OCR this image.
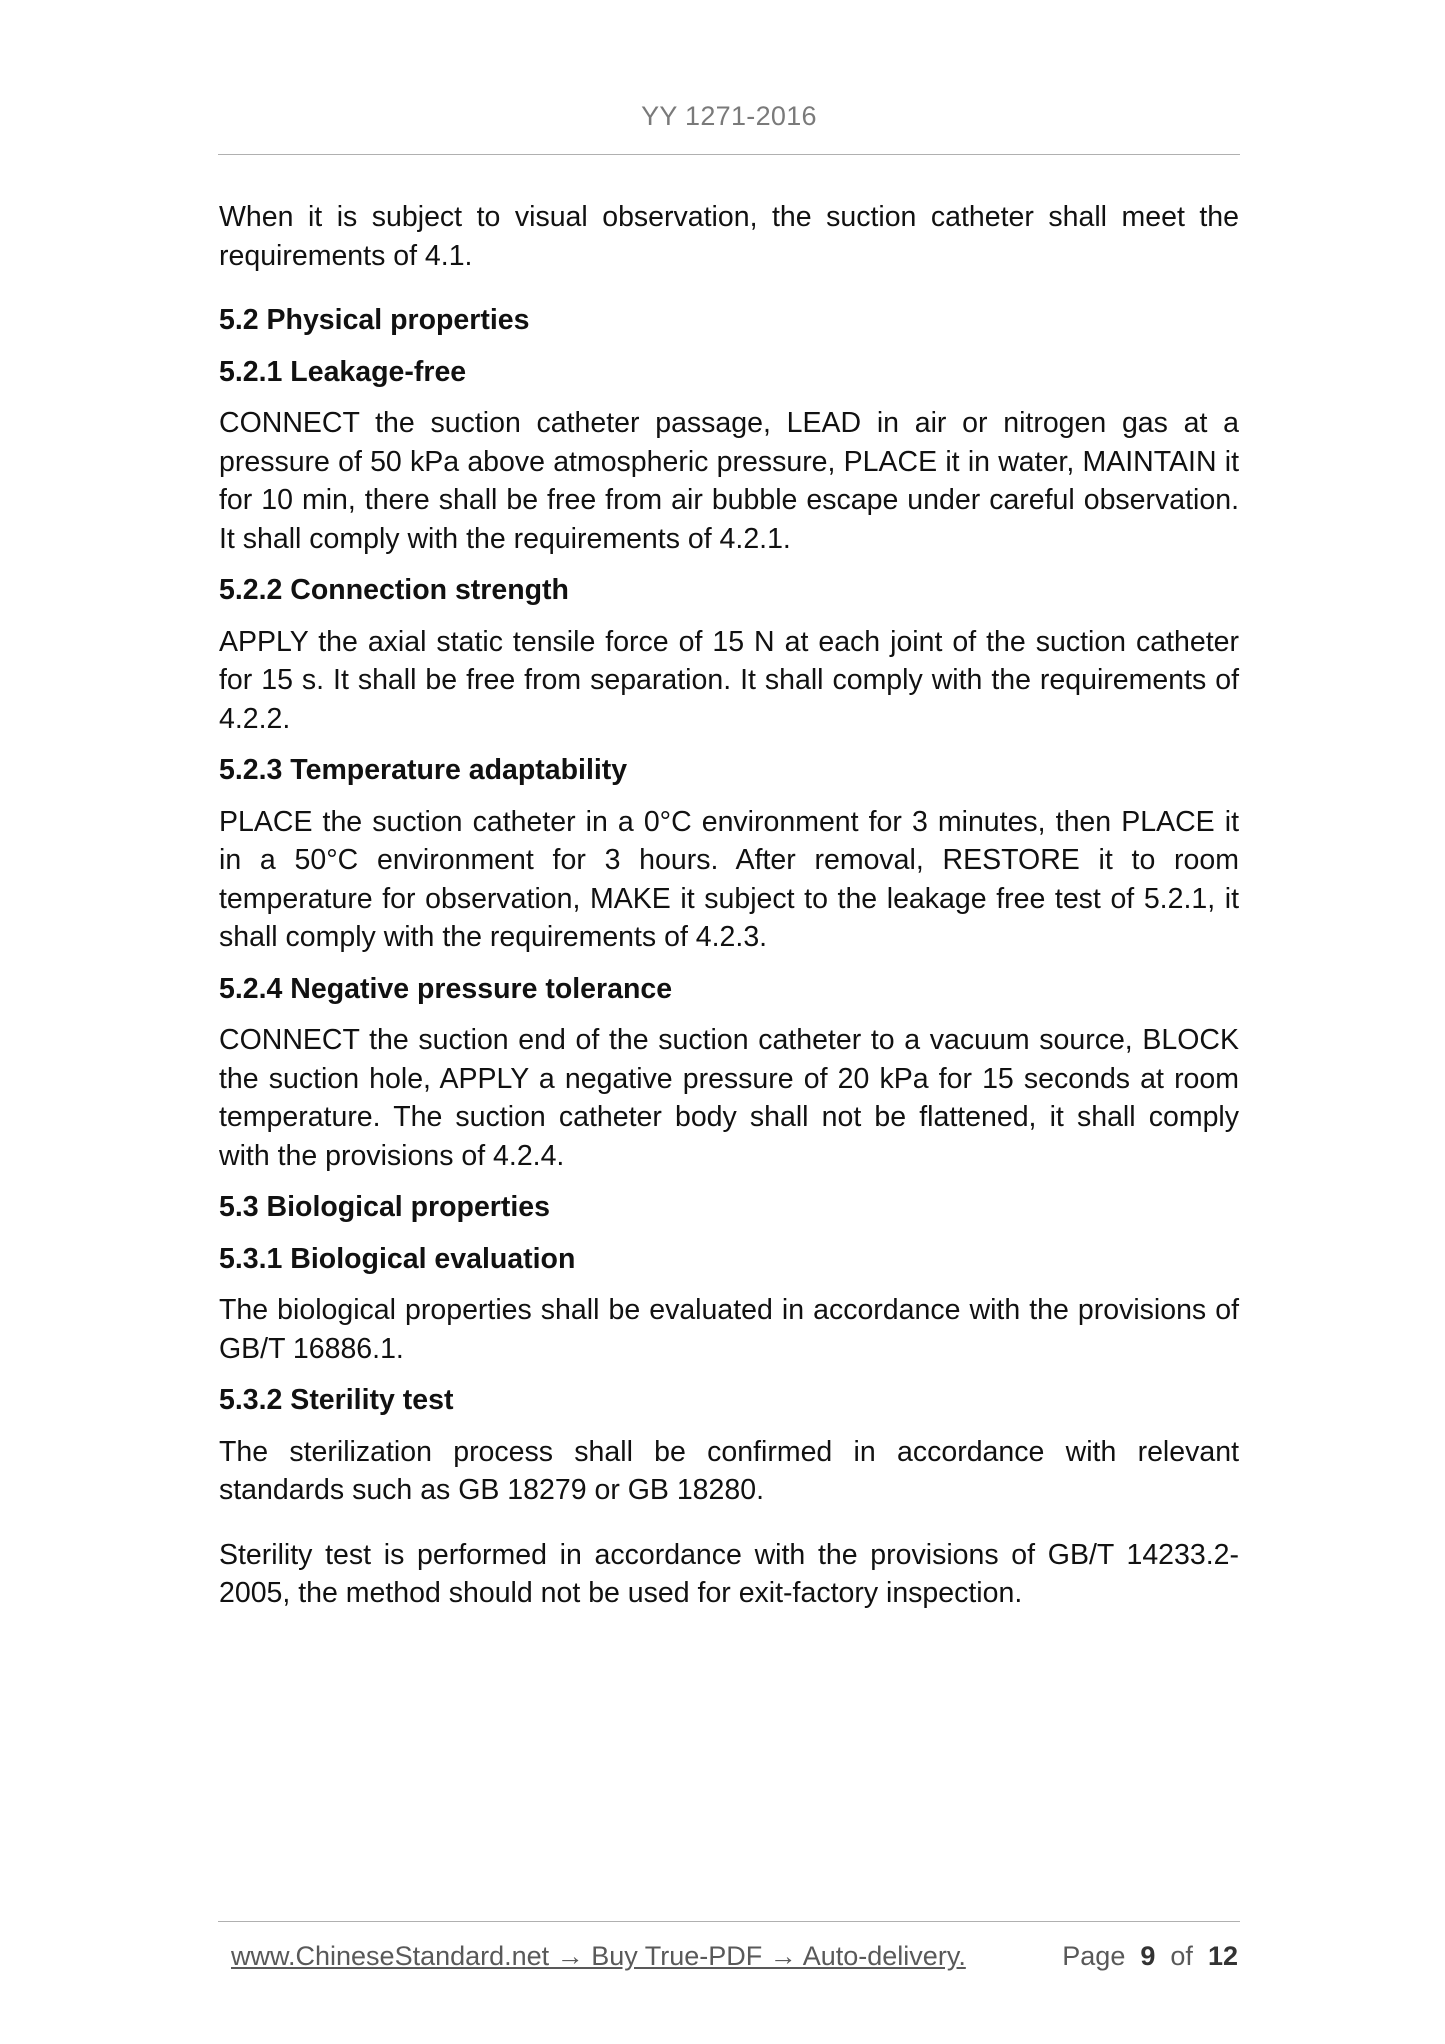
YY 1271-2016

When it is subject to visual observation, the suction catheter shall meet the requirements of 4.1.

5.2 Physical properties
5.2.1 Leakage-free

CONNECT the suction catheter passage, LEAD in air or nitrogen gas at a pressure of 50 kPa above atmospheric pressure, PLACE it in water, MAINTAIN it for 10 min, there shall be free from air bubble escape under careful observation. It shall comply with the requirements of 4.2.1.

5.2.2 Connection strength

APPLY the axial static tensile force of 15 N at each joint of the suction catheter for 15 s. It shall be free from separation. It shall comply with the requirements of 4.2.2.

5.2.3 Temperature adaptability

PLACE the suction catheter in a 0°C environment for 3 minutes, then PLACE it in a 50°C environment for 3 hours. After removal, RESTORE it to room temperature for observation, MAKE it subject to the leakage free test of 5.2.1, it shall comply with the requirements of 4.2.3.

5.2.4 Negative pressure tolerance

CONNECT the suction end of the suction catheter to a vacuum source, BLOCK the suction hole, APPLY a negative pressure of 20 kPa for 15 seconds at room temperature. The suction catheter body shall not be flattened, it shall comply with the provisions of 4.2.4.

5.3 Biological properties
5.3.1 Biological evaluation

The biological properties shall be evaluated in accordance with the provisions of GB/T 16886.1.

5.3.2 Sterility test

The sterilization process shall be confirmed in accordance with relevant standards such as GB 18279 or GB 18280.

Sterility test is performed in accordance with the provisions of GB/T 14233.2-2005, the method should not be used for exit-factory inspection.

www.ChineseStandard.net → Buy True-PDF → Auto-delivery.	Page 9 of 12
